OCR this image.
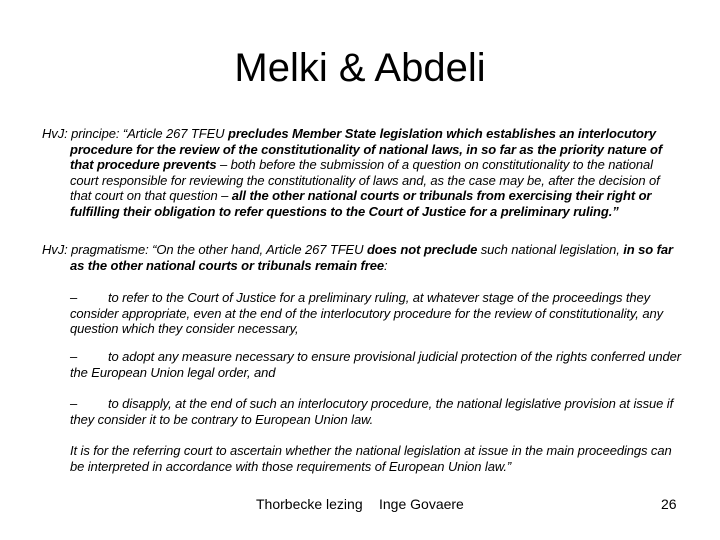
Melki & Abdeli
HvJ: principe: “Article 267 TFEU precludes Member State legislation which establishes an interlocutory procedure for the review of the constitutionality of national laws, in so far as the priority nature of that procedure prevents – both before the submission of a question on constitutionality to the national court responsible for reviewing the constitutionality of laws and, as the case may be, after the decision of that court on that question – all the other national courts or tribunals from exercising their right or fulfilling their obligation to refer questions to the Court of Justice for a preliminary ruling.”
HvJ: pragmatisme: “On the other hand, Article 267 TFEU does not preclude such national legislation, in so far as the other national courts or tribunals remain free:
– to refer to the Court of Justice for a preliminary ruling, at whatever stage of the proceedings they consider appropriate, even at the end of the interlocutory procedure for the review of constitutionality, any question which they consider necessary,
– to adopt any measure necessary to ensure provisional judicial protection of the rights conferred under the European Union legal order, and
– to disapply, at the end of such an interlocutory procedure, the national legislative provision at issue if they consider it to be contrary to European Union law.
It is for the referring court to ascertain whether the national legislation at issue in the main proceedings can be interpreted in accordance with those requirements of European Union law.”
Thorbecke lezing Inge Govaere	26
